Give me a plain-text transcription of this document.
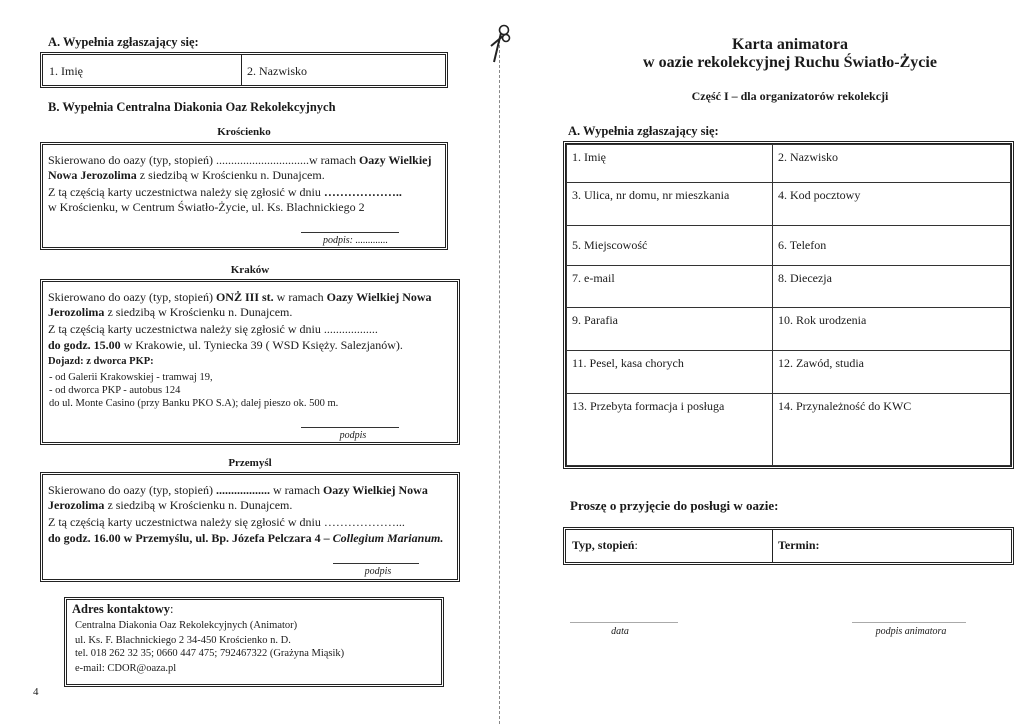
A. Wypełnia zgłaszający się:
1. Imię	2. Nazwisko
B. Wypełnia Centralna Diakonia Oaz Rekolekcyjnych
Krościenko
Skierowano do oazy (typ, stopień) ...............................w ramach Oazy Wielkiej
Nowa Jerozolima z siedzibą w Krościenku n. Dunajcem.
Z tą częścią karty uczestnictwa należy się zgłosić w dniu ………………..
w Krościenku, w Centrum Światło-Życie, ul. Ks. Blachnickiego 2
podpis: .............
Kraków
Skierowano do oazy (typ, stopień) ONŻ III st. w ramach Oazy Wielkiej Nowa
Jerozolima z siedzibą w Krościenku n. Dunajcem.
Z tą częścią karty uczestnictwa należy się zgłosić w dniu ..................
do godz. 15.00 w Krakowie, ul. Tyniecka 39 ( WSD Księży. Salezjanów).
Dojazd: z dworca PKP:
- od Galerii Krakowskiej - tramwaj 19,
- od dworca PKP - autobus 124
do ul. Monte Casino (przy Banku PKO S.A); dalej pieszo ok. 500 m.
podpis
Przemyśl
Skierowano do oazy (typ, stopień) .................. w ramach Oazy Wielkiej Nowa
Jerozolima z siedzibą w Krościenku n. Dunajcem.
Z tą częścią karty uczestnictwa należy się zgłosić w dniu ………………...
do godz. 16.00 w Przemyślu, ul. Bp. Józefa Pelczara 4 – Collegium Marianum.
podpis
Adres kontaktowy:
Centralna Diakonia Oaz Rekolekcyjnych (Animator)
ul. Ks. F. Blachnickiego 2 34-450 Krościenko n. D.
tel. 018 262 32 35; 0660 447 475; 792467322 (Grażyna Miąsik)
e-mail: CDOR@oaza.pl
4
Karta animatora
w oazie rekolekcyjnej Ruchu Światło-Życie
Część I – dla organizatorów rekolekcji
A. Wypełnia zgłaszający się:
1. Imię	2. Nazwisko
3. Ulica, nr domu, nr mieszkania	4. Kod pocztowy
5. Miejscowość	6. Telefon
7. e-mail	8. Diecezja
9. Parafia	10. Rok urodzenia
11. Pesel, kasa chorych	12. Zawód, studia
13. Przebyta formacja i posługa	14. Przynależność do KWC
Proszę o przyjęcie do posługi w oazie:
Typ, stopień:	Termin:
data	podpis animatora
